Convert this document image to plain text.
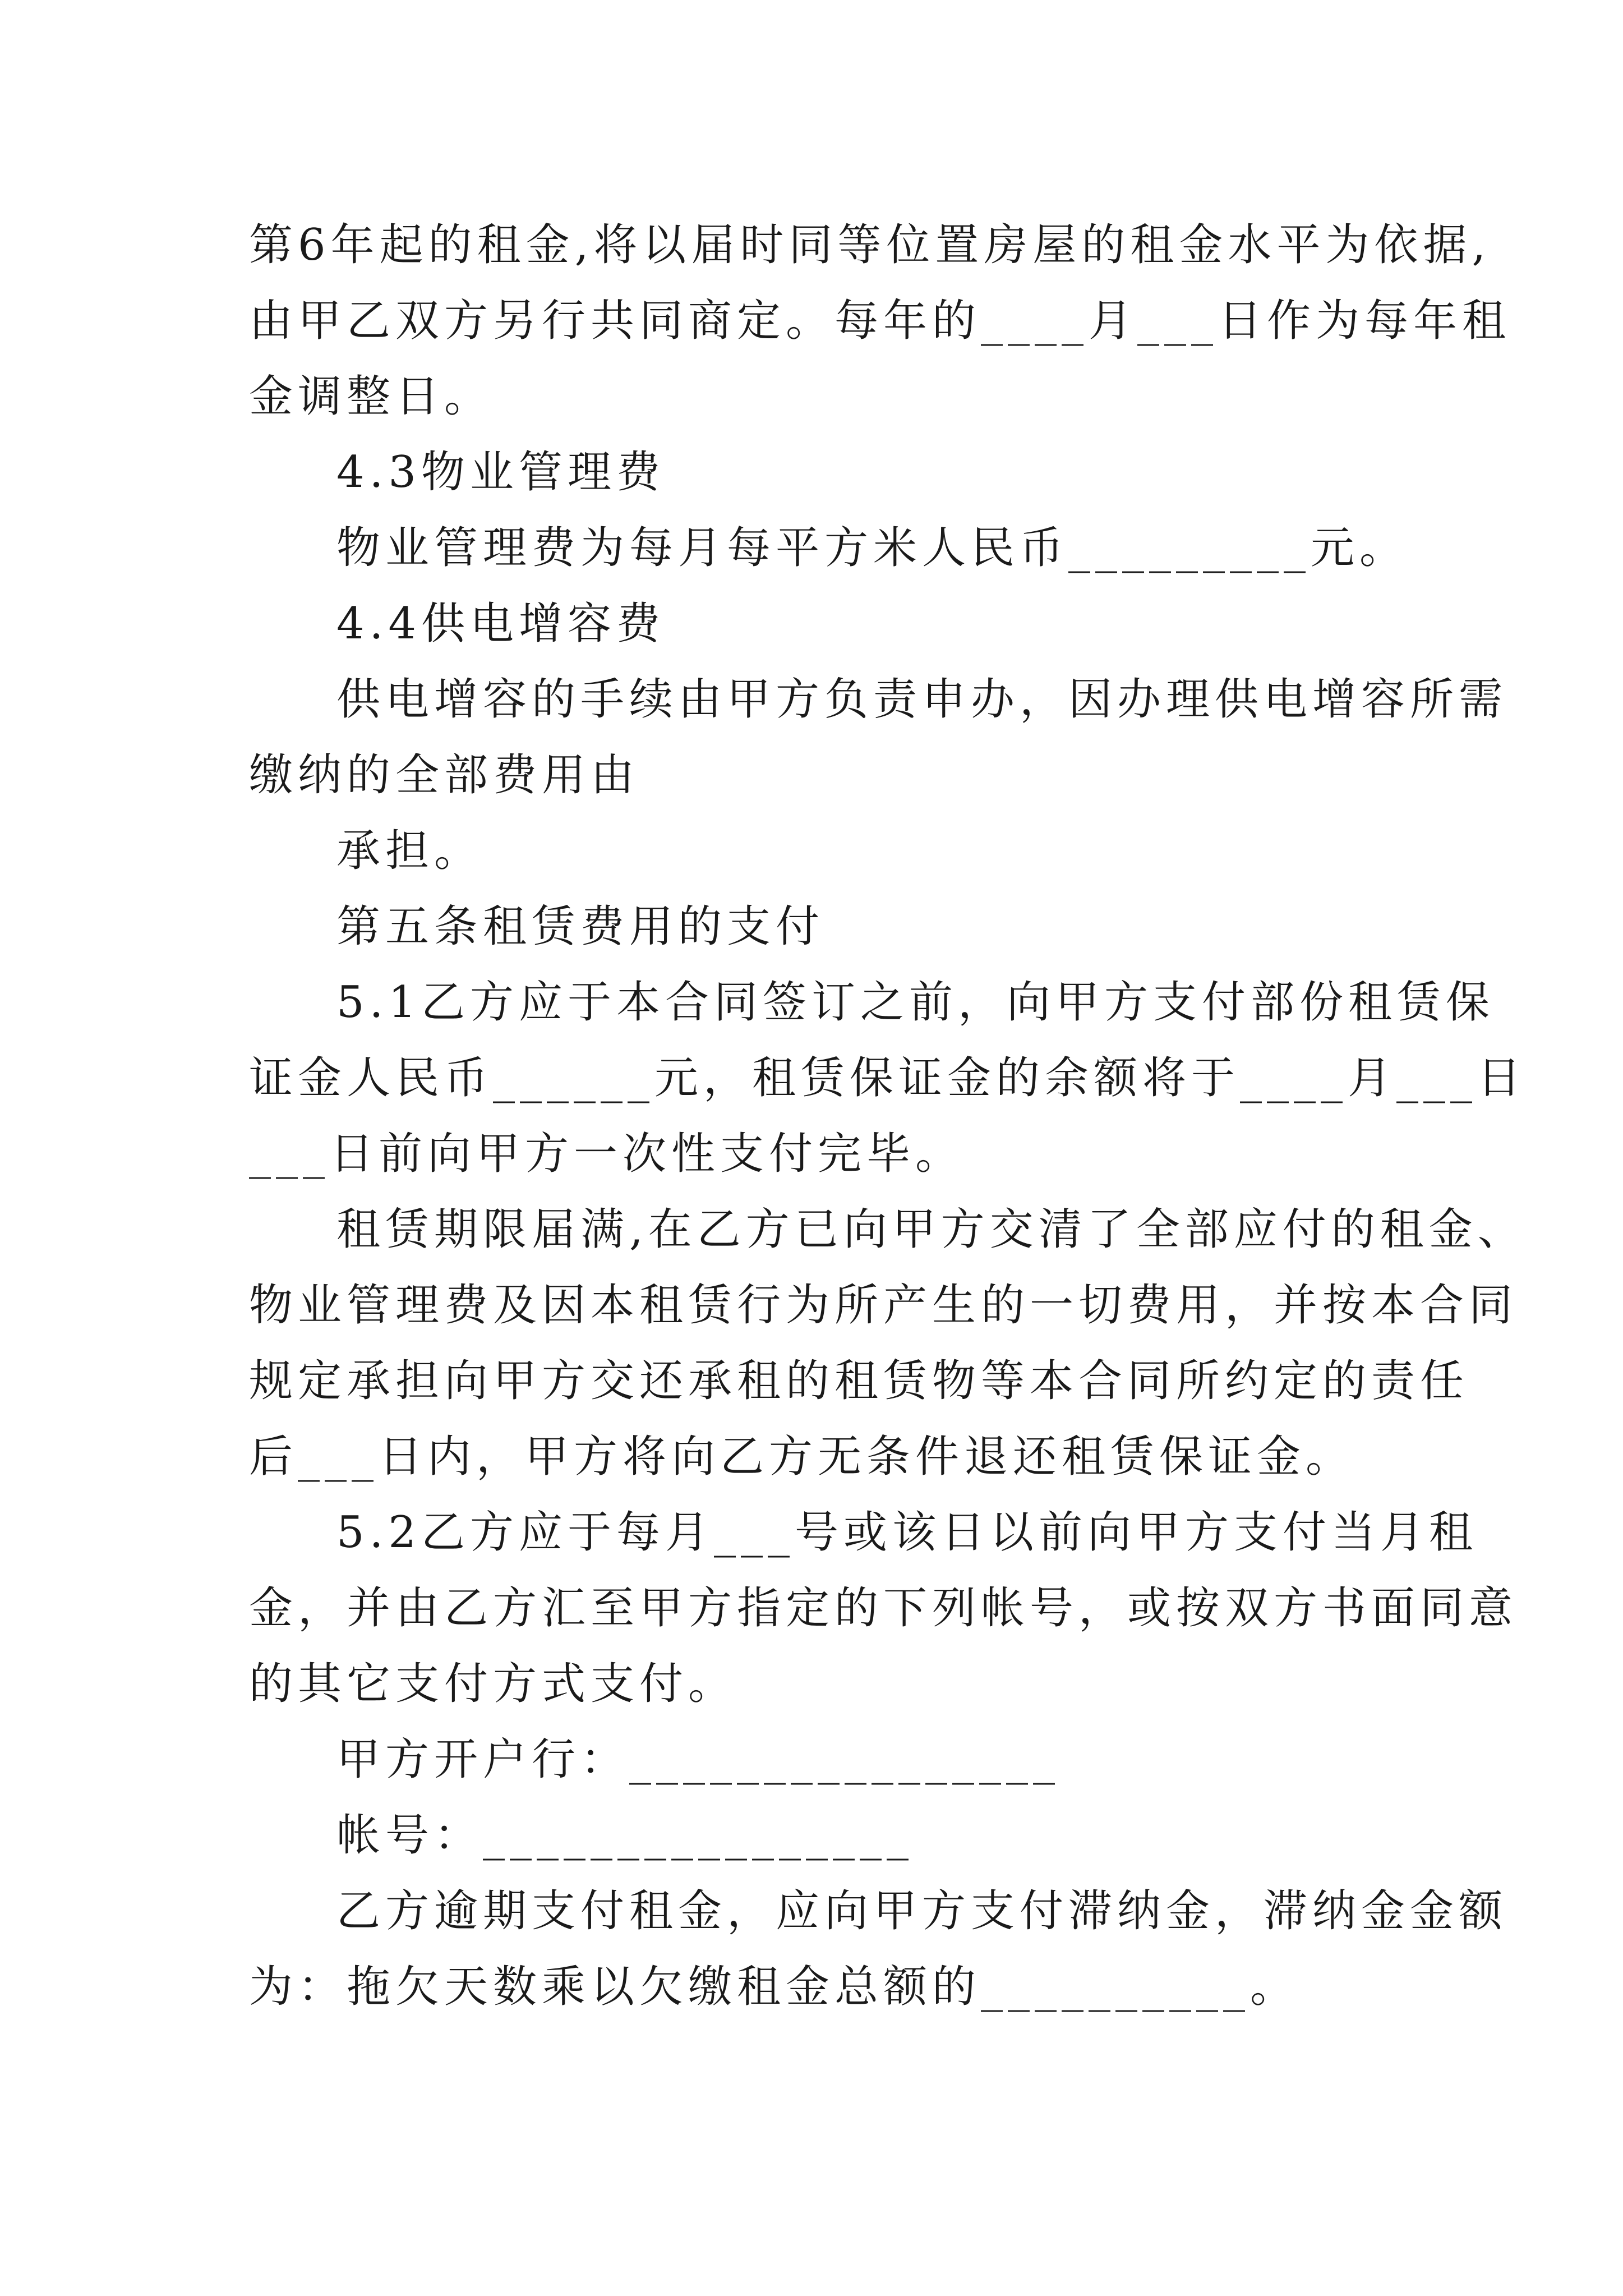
第6年起的租金,将以届时同等位置房屋的租金水平为依据,
由甲乙双方另行共同商定。每年的____月___日作为每年租
金调整日。
4.3物业管理费
物业管理费为每月每平方米人民币_________元。
4.4供电增容费
供电增容的手续由甲方负责申办，因办理供电增容所需
缴纳的全部费用由
承担。
第五条租赁费用的支付
5.1乙方应于本合同签订之前，向甲方支付部份租赁保
证金人民币______元，租赁保证金的余额将于____月___日
___日前向甲方一次性支付完毕。
租赁期限届满,在乙方已向甲方交清了全部应付的租金、
物业管理费及因本租赁行为所产生的一切费用，并按本合同
规定承担向甲方交还承租的租赁物等本合同所约定的责任
后___日内，甲方将向乙方无条件退还租赁保证金。
5.2乙方应于每月___号或该日以前向甲方支付当月租
金，并由乙方汇至甲方指定的下列帐号，或按双方书面同意
的其它支付方式支付。
甲方开户行：________________
帐号：________________
乙方逾期支付租金，应向甲方支付滞纳金，滞纳金金额
为：拖欠天数乘以欠缴租金总额的__________。
